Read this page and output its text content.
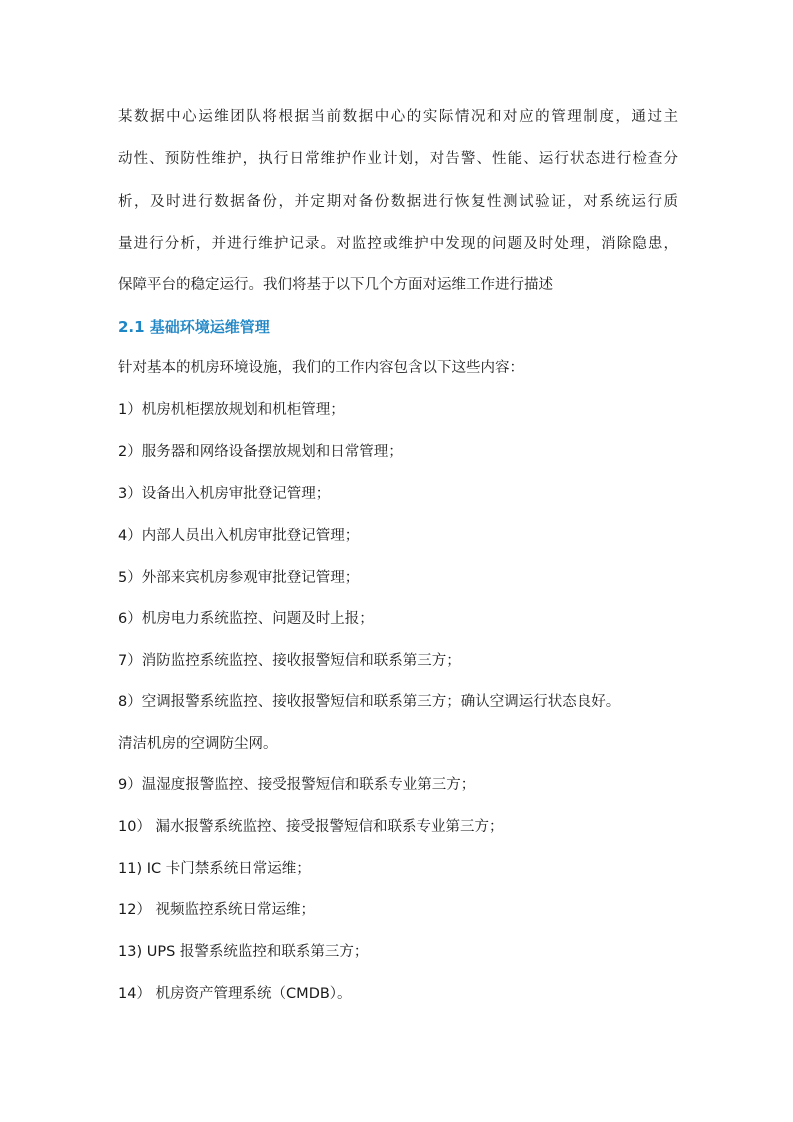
某数据中心运维团队将根据当前数据中心的实际情况和对应的管理制度，通过主
动性、预防性维护，执行日常维护作业计划，对告警、性能、运行状态进行检查分
析，及时进行数据备份，并定期对备份数据进行恢复性测试验证，对系统运行质
量进行分析，并进行维护记录。对监控或维护中发现的问题及时处理，消除隐患，
保障平台的稳定运行。我们将基于以下几个方面对运维工作进行描述
2.1 基础环境运维管理
针对基本的机房环境设施，我们的工作内容包含以下这些内容：
1）机房机柜摆放规划和机柜管理；
2）服务器和网络设备摆放规划和日常管理；
3）设备出入机房审批登记管理；
4）内部人员出入机房审批登记管理；
5）外部来宾机房参观审批登记管理；
6）机房电力系统监控、问题及时上报；
7）消防监控系统监控、接收报警短信和联系第三方；
8）空调报警系统监控、接收报警短信和联系第三方；确认空调运行状态良好。
清洁机房的空调防尘网。
9）温湿度报警监控、接受报警短信和联系专业第三方；
10） 漏水报警系统监控、接受报警短信和联系专业第三方；
11) IC 卡门禁系统日常运维；
12） 视频监控系统日常运维；
13) UPS 报警系统监控和联系第三方；
14） 机房资产管理系统（CMDB）。
